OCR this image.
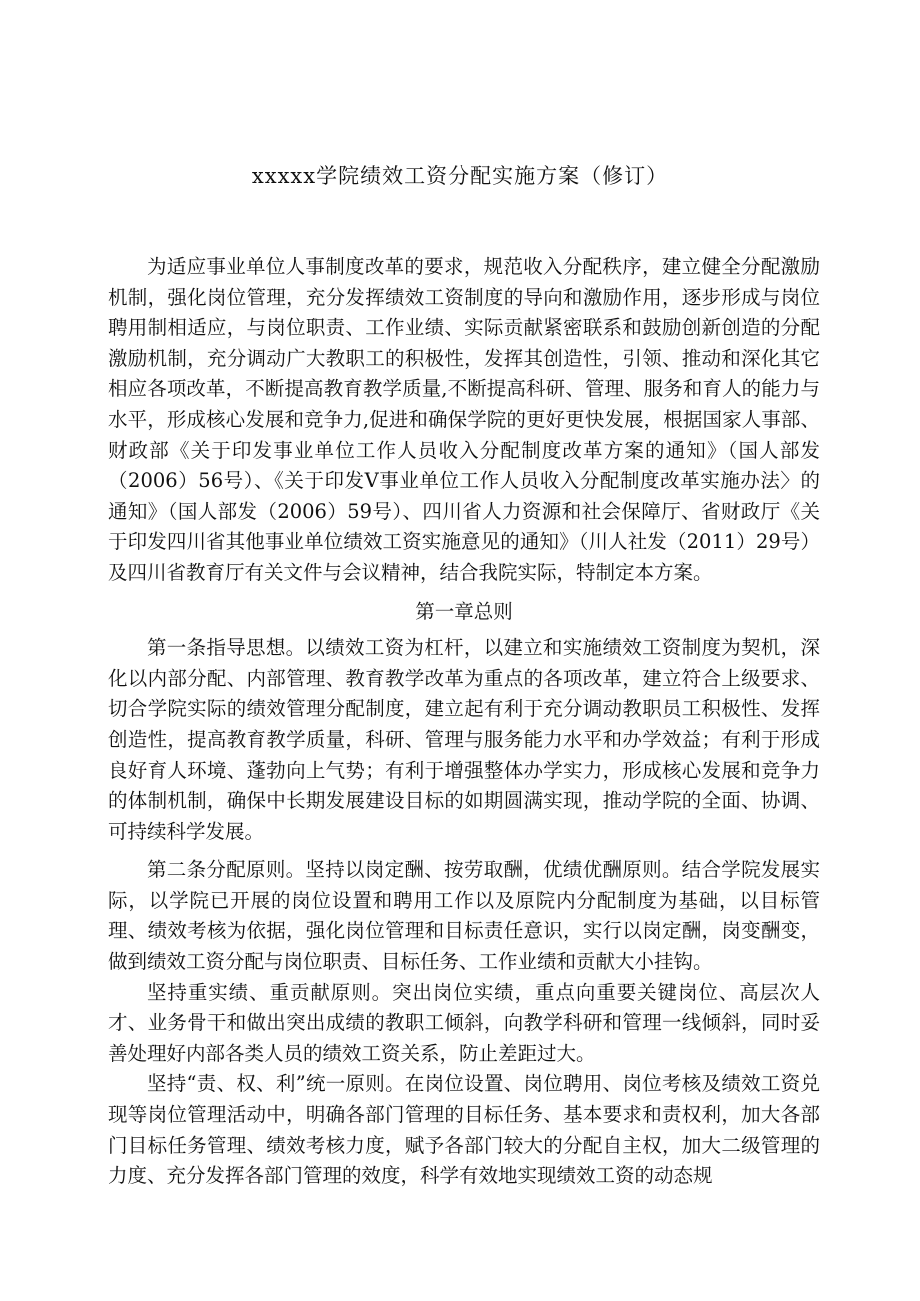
xxxxx学院绩效工资分配实施方案（修订）

为适应事业单位人事制度改革的要求，规范收入分配秩序，建立健全分配激励机制，强化岗位管理，充分发挥绩效工资制度的导向和激励作用，逐步形成与岗位聘用制相适应，与岗位职责、工作业绩、实际贡献紧密联系和鼓励创新创造的分配激励机制，充分调动广大教职工的积极性，发挥其创造性，引领、推动和深化其它相应各项改革，不断提高教育教学质量,不断提高科研、管理、服务和育人的能力与水平，形成核心发展和竞争力,促进和确保学院的更好更快发展，根据国家人事部、财政部《关于印发事业单位工作人员收入分配制度改革方案的通知》（国人部发（2006）56号）、《关于印发Ⅴ事业单位工作人员收入分配制度改革实施办法〉的通知》（国人部发（2006）59号）、四川省人力资源和社会保障厅、省财政厅《关于印发四川省其他事业单位绩效工资实施意见的通知》（川人社发（2011）29号）及四川省教育厅有关文件与会议精神，结合我院实际，特制定本方案。

第一章总则

第一条指导思想。以绩效工资为杠杆，以建立和实施绩效工资制度为契机，深化以内部分配、内部管理、教育教学改革为重点的各项改革，建立符合上级要求、切合学院实际的绩效管理分配制度，建立起有利于充分调动教职员工积极性、发挥创造性，提高教育教学质量，科研、管理与服务能力水平和办学效益；有利于形成良好育人环境、蓬勃向上气势；有利于增强整体办学实力，形成核心发展和竞争力的体制机制，确保中长期发展建设目标的如期圆满实现，推动学院的全面、协调、可持续科学发展。

第二条分配原则。坚持以岗定酬、按劳取酬，优绩优酬原则。结合学院发展实际，以学院已开展的岗位设置和聘用工作以及原院内分配制度为基础，以目标管理、绩效考核为依据，强化岗位管理和目标责任意识，实行以岗定酬，岗变酬变，做到绩效工资分配与岗位职责、目标任务、工作业绩和贡献大小挂钩。

坚持重实绩、重贡献原则。突出岗位实绩，重点向重要关键岗位、高层次人才、业务骨干和做出突出成绩的教职工倾斜，向教学科研和管理一线倾斜，同时妥善处理好内部各类人员的绩效工资关系，防止差距过大。

坚持“责、权、利”统一原则。在岗位设置、岗位聘用、岗位考核及绩效工资兑现等岗位管理活动中，明确各部门管理的目标任务、基本要求和责权利，加大各部门目标任务管理、绩效考核力度，赋予各部门较大的分配自主权，加大二级管理的力度、充分发挥各部门管理的效度，科学有效地实现绩效工资的动态规
